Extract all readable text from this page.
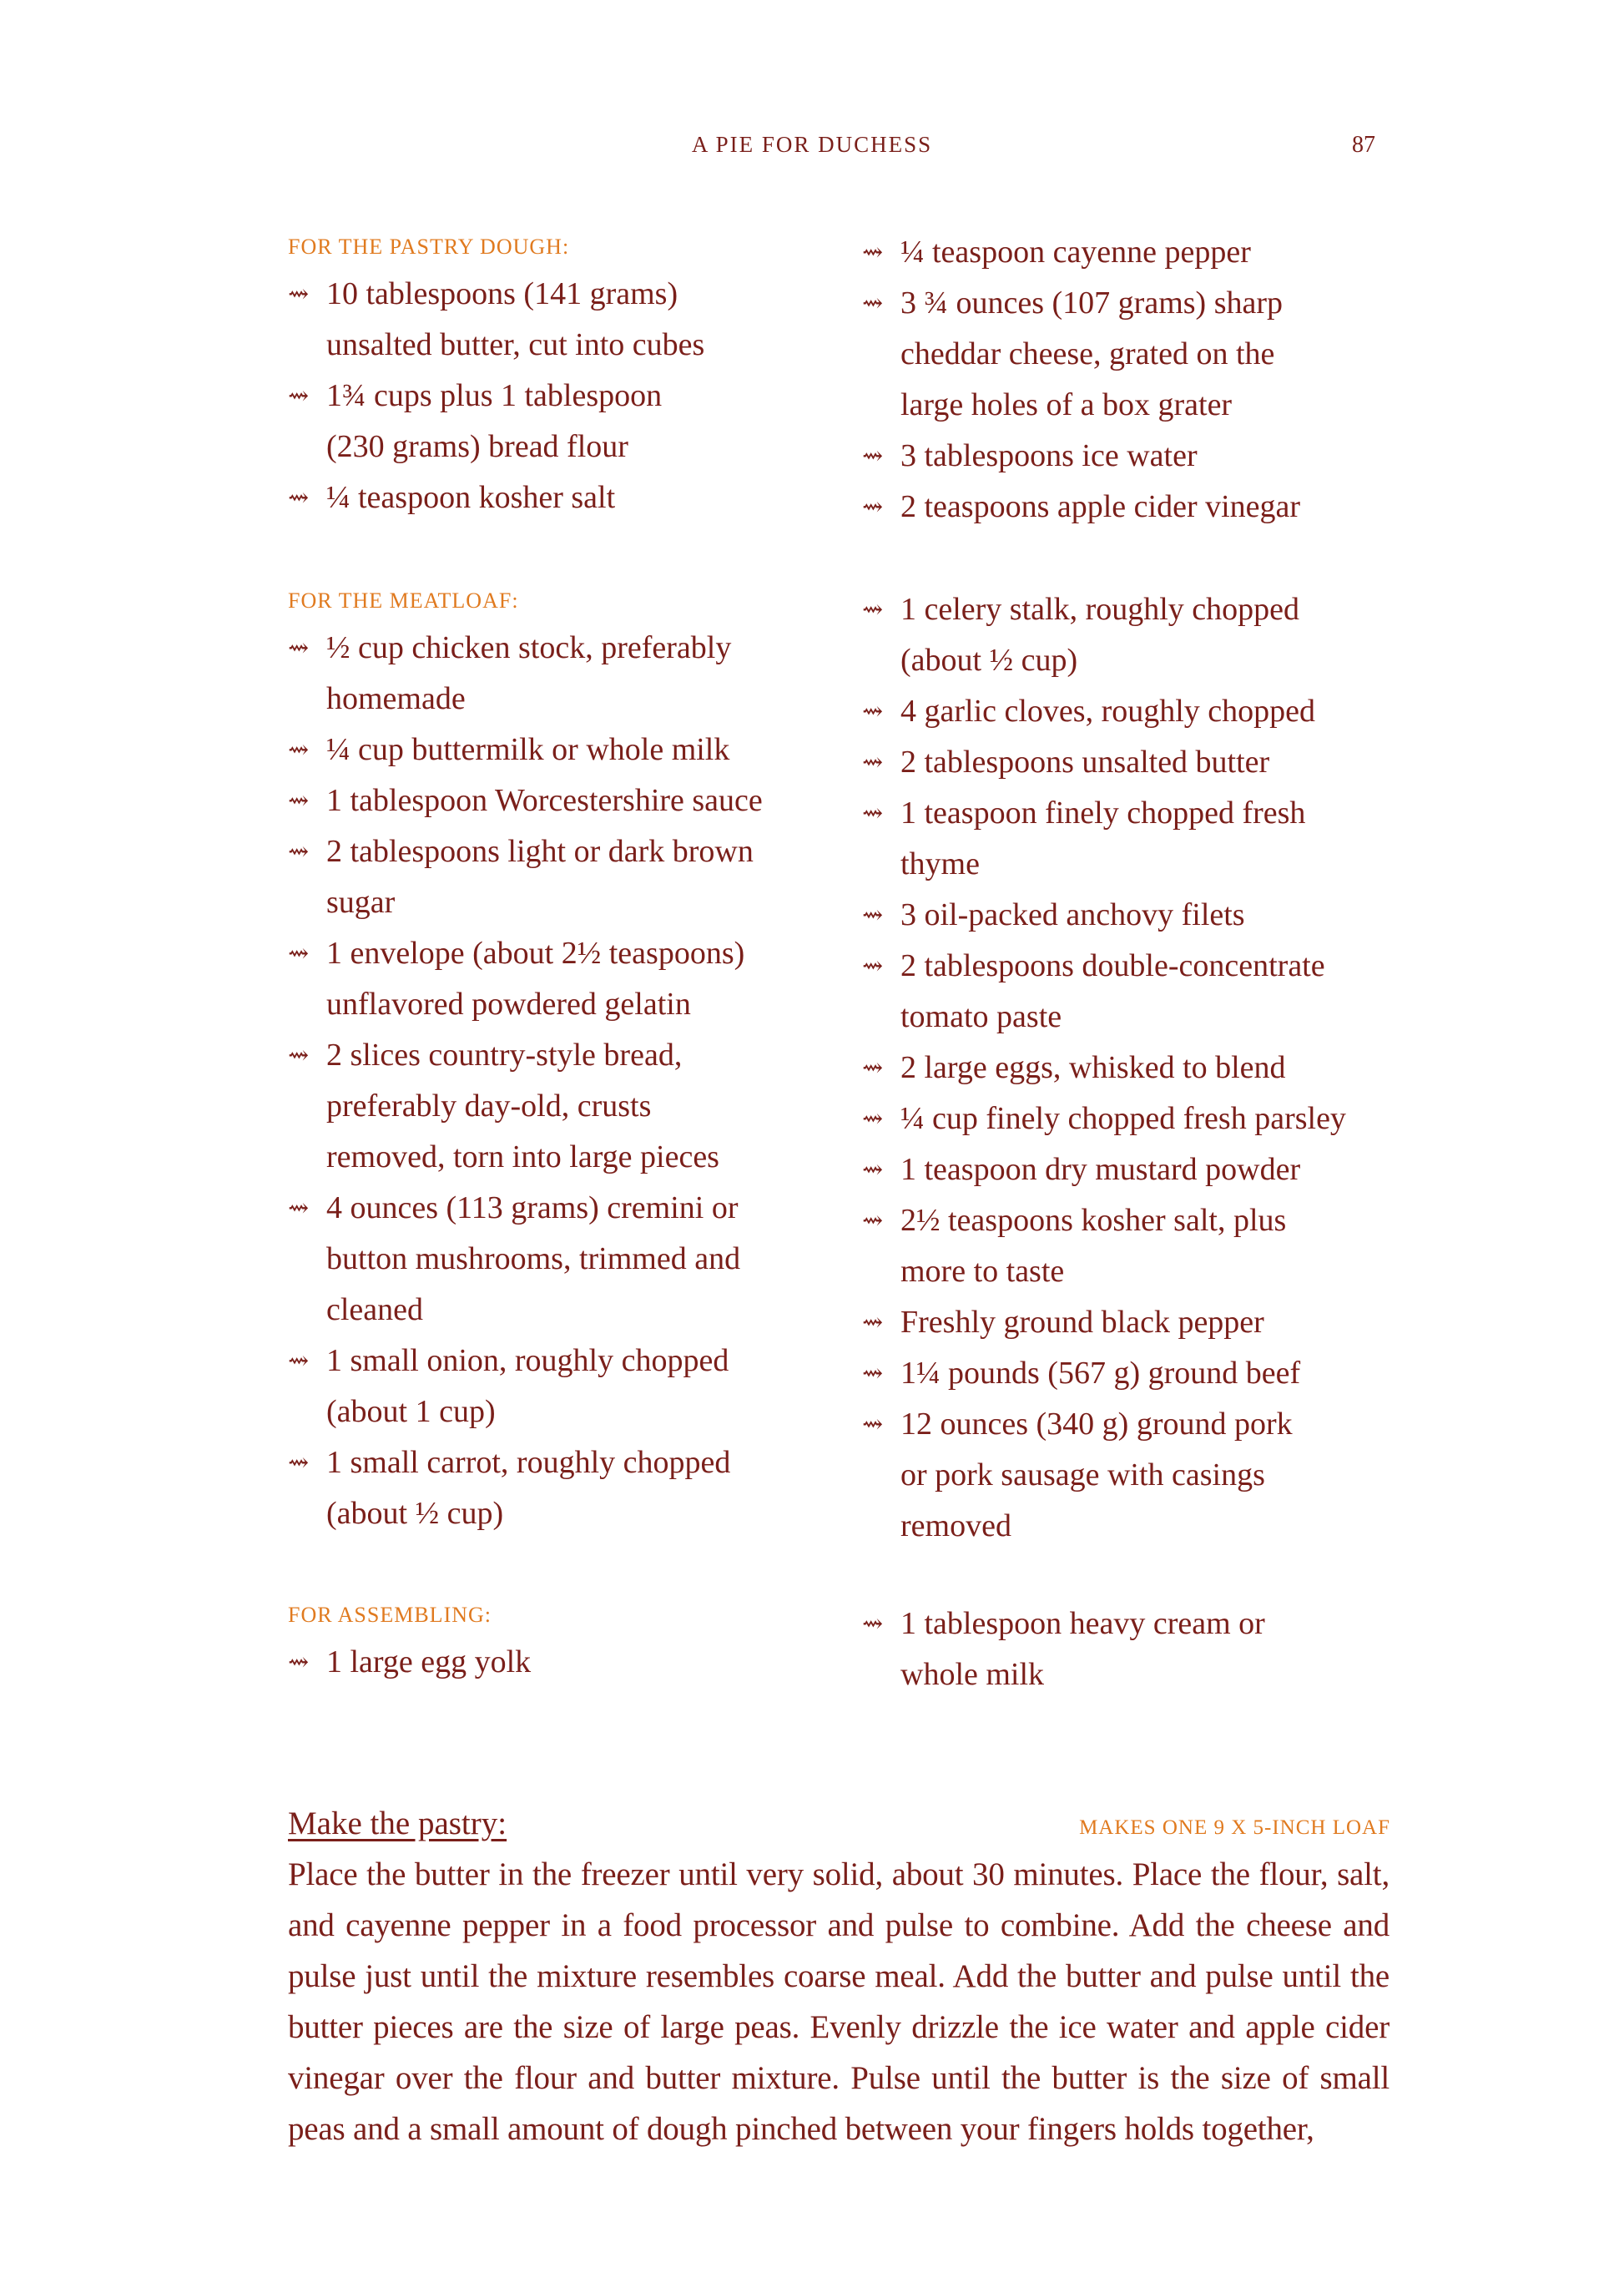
A PIE FOR DUCHESS	87
FOR THE PASTRY DOUGH:
⇝ 10 tablespoons (141 grams)
unsalted butter, cut into cubes
⇝ 1¾ cups plus 1 tablespoon
(230 grams) bread flour
⇝ ¼ teaspoon kosher salt
⇝ ¼ teaspoon cayenne pepper
⇝ 3 ¾ ounces (107 grams) sharp
cheddar cheese, grated on the
large holes of a box grater
⇝ 3 tablespoons ice water
⇝ 2 teaspoons apple cider vinegar
FOR THE MEATLOAF:
⇝ ½ cup chicken stock, preferably
homemade
⇝ ¼ cup buttermilk or whole milk
⇝ 1 tablespoon Worcestershire sauce
⇝ 2 tablespoons light or dark brown
sugar
⇝ 1 envelope (about 2½ teaspoons)
unflavored powdered gelatin
⇝ 2 slices country-style bread,
preferably day-old, crusts
removed, torn into large pieces
⇝ 4 ounces (113 grams) cremini or
button mushrooms, trimmed and
cleaned
⇝ 1 small onion, roughly chopped
(about 1 cup)
⇝ 1 small carrot, roughly chopped
(about ½ cup)
⇝ 1 celery stalk, roughly chopped
(about ½ cup)
⇝ 4 garlic cloves, roughly chopped
⇝ 2 tablespoons unsalted butter
⇝ 1 teaspoon finely chopped fresh
thyme
⇝ 3 oil-packed anchovy filets
⇝ 2 tablespoons double-concentrate
tomato paste
⇝ 2 large eggs, whisked to blend
⇝ ¼ cup finely chopped fresh parsley
⇝ 1 teaspoon dry mustard powder
⇝ 2½ teaspoons kosher salt, plus
more to taste
⇝ Freshly ground black pepper
⇝ 1¼ pounds (567 g) ground beef
⇝ 12 ounces (340 g) ground pork
or pork sausage with casings
removed
FOR ASSEMBLING:
⇝ 1 large egg yolk
⇝ 1 tablespoon heavy cream or
whole milk
Make the pastry:	MAKES ONE 9 X 5-INCH LOAF

Place the butter in the freezer until very solid, about 30 minutes. Place the flour, salt, and cayenne pepper in a food processor and pulse to combine. Add the cheese and pulse just until the mixture resembles coarse meal. Add the butter and pulse until the butter pieces are the size of large peas. Evenly drizzle the ice water and apple cider vinegar over the flour and butter mixture. Pulse until the butter is the size of small peas and a small amount of dough pinched between your fingers holds together,
